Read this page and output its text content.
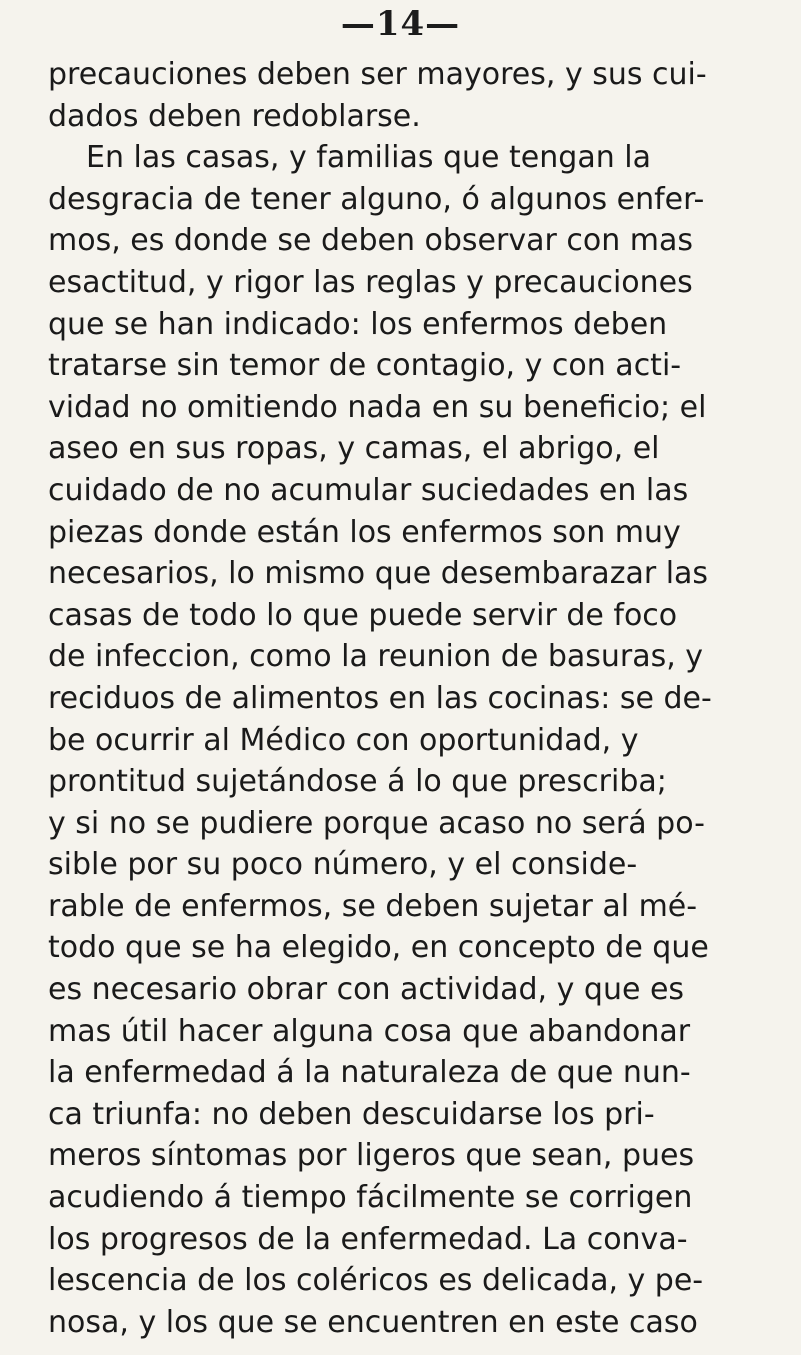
—14—
precauciones deben ser mayores, y sus cui-
dados deben redoblarse.
En las casas, y familias que tengan la
desgracia de tener alguno, ó algunos enfer-
mos, es donde se deben observar con mas
esactitud, y rigor las reglas y precauciones
que se han indicado: los enfermos deben
tratarse sin temor de contagio, y con acti-
vidad no omitiendo nada en su beneficio; el
aseo en sus ropas, y camas, el abrigo, el
cuidado de no acumular suciedades en las
piezas donde están los enfermos son muy
necesarios, lo mismo que desembarazar las
casas de todo lo que puede servir de foco
de infeccion, como la reunion de basuras, y
reciduos de alimentos en las cocinas: se de-
be ocurrir al Médico con oportunidad, y
prontitud sujetándose á lo que prescriba;
y si no se pudiere porque acaso no será po-
sible por su poco número, y el conside-
rable de enfermos, se deben sujetar al mé-
todo que se ha elegido, en concepto de que
es necesario obrar con actividad, y que es
mas útil hacer alguna cosa que abandonar
la enfermedad á la naturaleza de que nun-
ca triunfa: no deben descuidarse los pri-
meros síntomas por ligeros que sean, pues
acudiendo á tiempo fácilmente se corrigen
los progresos de la enfermedad. La conva-
lescencia de los coléricos es delicada, y pe-
nosa, y los que se encuentren en este caso
